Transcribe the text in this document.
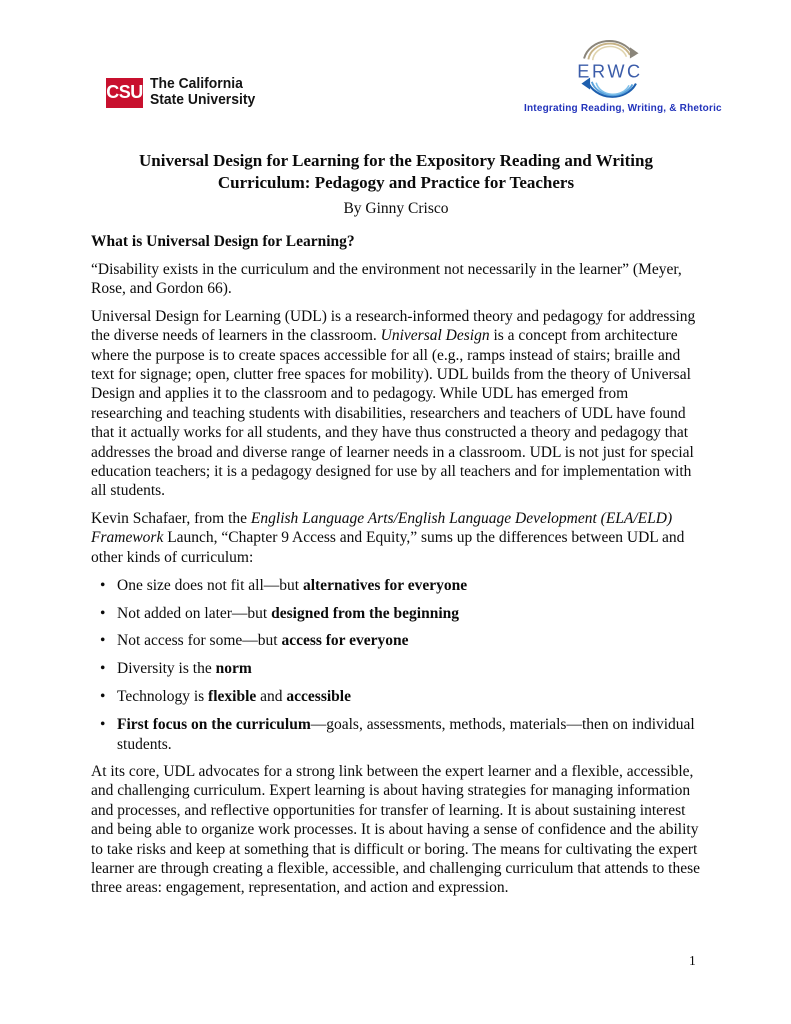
CSU The California
State University
ERWC
Integrating Reading, Writing, & Rhetoric
Universal Design for Learning for the Expository Reading and Writing Curriculum: Pedagogy and Practice for Teachers
By Ginny Crisco
What is Universal Design for Learning?

“Disability exists in the curriculum and the environment not necessarily in the learner” (Meyer, Rose, and Gordon 66).

Universal Design for Learning (UDL) is a research-informed theory and pedagogy for addressing the diverse needs of learners in the classroom. Universal Design is a concept from architecture where the purpose is to create spaces accessible for all (e.g., ramps instead of stairs; braille and text for signage; open, clutter free spaces for mobility). UDL builds from the theory of Universal Design and applies it to the classroom and to pedagogy. While UDL has emerged from researching and teaching students with disabilities, researchers and teachers of UDL have found that it actually works for all students, and they have thus constructed a theory and pedagogy that addresses the broad and diverse range of learner needs in a classroom. UDL is not just for special education teachers; it is a pedagogy designed for use by all teachers and for implementation with all students.

Kevin Schafaer, from the English Language Arts/English Language Development (ELA/ELD) Framework Launch, “Chapter 9 Access and Equity,” sums up the differences between UDL and other kinds of curriculum:

• One size does not fit all—but alternatives for everyone
• Not added on later—but designed from the beginning
• Not access for some—but access for everyone
• Diversity is the norm
• Technology is flexible and accessible
• First focus on the curriculum—goals, assessments, methods, materials—then on individual students.

At its core, UDL advocates for a strong link between the expert learner and a flexible, accessible, and challenging curriculum. Expert learning is about having strategies for managing information and processes, and reflective opportunities for transfer of learning. It is about sustaining interest and being able to organize work processes. It is about having a sense of confidence and the ability to take risks and keep at something that is difficult or boring. The means for cultivating the expert learner are through creating a flexible, accessible, and challenging curriculum that attends to these three areas: engagement, representation, and action and expression.

1
